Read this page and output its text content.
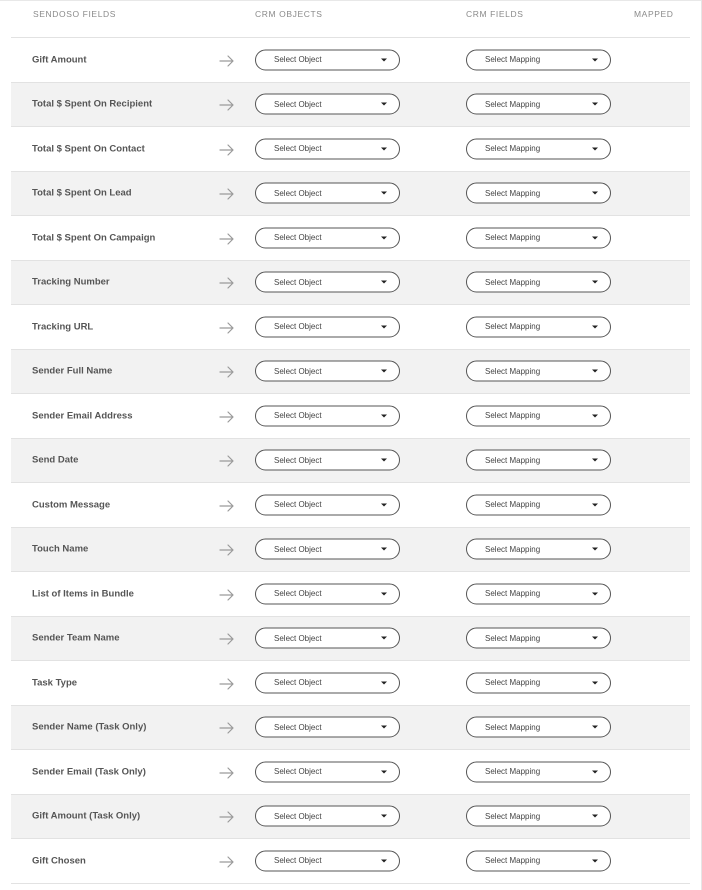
SENDOSO FIELDS	CRM OBJECTS	CRM FIELDS	MAPPED
Gift Amount	Select Object	Select Mapping
Total $ Spent On Recipient	Select Object	Select Mapping
Total $ Spent On Contact	Select Object	Select Mapping
Total $ Spent On Lead	Select Object	Select Mapping
Total $ Spent On Campaign	Select Object	Select Mapping
Tracking Number	Select Object	Select Mapping
Tracking URL	Select Object	Select Mapping
Sender Full Name	Select Object	Select Mapping
Sender Email Address	Select Object	Select Mapping
Send Date	Select Object	Select Mapping
Custom Message	Select Object	Select Mapping
Touch Name	Select Object	Select Mapping
List of Items in Bundle	Select Object	Select Mapping
Sender Team Name	Select Object	Select Mapping
Task Type	Select Object	Select Mapping
Sender Name (Task Only)	Select Object	Select Mapping
Sender Email (Task Only)	Select Object	Select Mapping
Gift Amount (Task Only)	Select Object	Select Mapping
Gift Chosen	Select Object	Select Mapping
